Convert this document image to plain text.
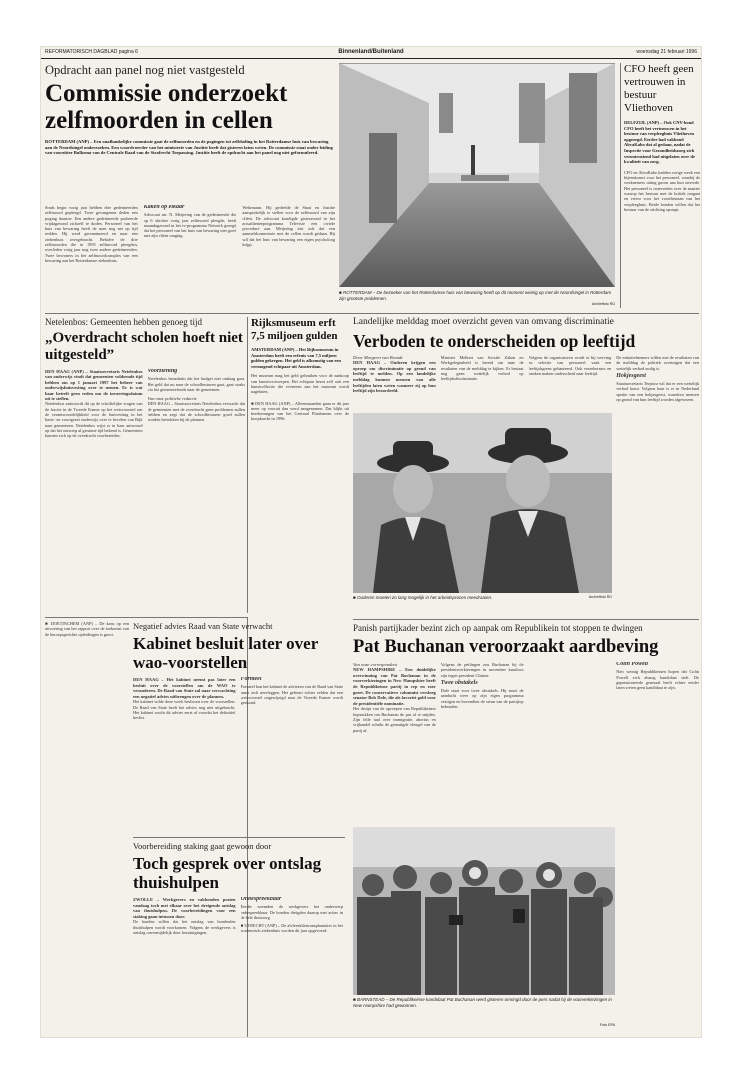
REFORMATORISCH DAGBLAD pagina 6	Binnenland/Buitenland	woensdag 21 februari 1996
Opdracht aan panel nog niet vastgesteld
Commissie onderzoekt zelfmoorden in cellen
ROTTERDAM (ANP) – Een onafhankelijke commissie gaat de zelfmoorden en de pogingen tot zelfdoding in het Rotterdamse huis van bewaring aan de Noordsingel onderzoeken. Een woordvoerder van het ministerie van Justitie heeft dat gisteren laten weten. De commissie staat onder leiding van voorzitter Bulkema van de Centrale Raad van de Strafrecht Toepassing. Justitie heeft de opdracht aan het panel nog niet geformuleerd.
Sinds begin vorig jaar hebben drie gedetineerden zelfmoord gepleegd. Twee gevangenen deden een poging daartoe. Een andere gedetineerde probeerde vrijdagavond zichzelf te doden. Personeel van het huis van bewaring heeft de man nog net op tijd redden. Hij werd gereanimeerd en naar een ziekenhuis overgebracht. Behalve de drie zelfmoorden die in 1995 zelfmoord pleegden, overleden vorig jaar nog twee andere gedetineerden. Twee bewoners in het zelfmoordcomplex van een bewaring aan het Rotterdamse ziekenhuis.
Kaken op elkaar
Advocaat mr. N. Meijering van de gedetineerde die op 6 oktober vorig jaar zelfmoord pleegde, heeft maandagavond in het tv-programma Netwerk gezegd dat het personeel van het huis van bewaring niet goed met zijn cliënt omging.
Wehrmann. Hij gedeelde de Staat en Justitie aansprakelijk te stellen voor de zelfmoord van zijn cliënt. De advocaat kondigde gisteravond in het actualiteitenprogramma Televisie een civiele procedure aan. Meijering eist ook dat een aanmeldcommissie met de cellen wordt gedaan. Hij wil dat het huis van bewaring een eigen psycholoog krijgt.
■ ROTTERDAM – De bezoeker van het Rotterdamse huis van bewaring heeft op dit moment weinig op met de Noordsingel in Rotterdam zijn grootste problemen.
Archieffoto RD
CFO heeft geen vertrouwen in bestuur Vliethoven
DELFZIJL (ANP) – Ook CNV-bond CFO heeft het vertrouwen in het bestuur van verpleeghuis Vliethoven opgezegd. Eerder had vakbond AbvaKabo dat al gedaan, nadat de Inspectie voor Gezondheidszorg zich verontrustend had uitgelaten over de kwaliteit van zorg.
CFO en AbvaKabo hadden vorige week een bijeenkomst voor het personeel, waarbij de werknemers uiting gaven aan hun onvrede. Het personeel is ontevreden over de manier waarop het bestuur met de kritiek omgaat en vreest voor het voortbestaan van het verpleeghuis. Beide bonden willen dat het bestuur van de stichting opstapt.
Netelenbos: Gemeenten hebben genoeg tijd
„Overdracht scholen hoeft niet uitgesteld”
DEN HAAG (ANP) – Staatssecretaris Netelenbos van onderwijs vindt dat gemeenten voldoende tijd hebben om op 1 januari 1997 het beheer van onderwijshuisvesting over te nemen. Er is wat haar betreft geen reden om de invoeringsdatum uit te stellen.
Netelenbos antwoordt dit op de schriftelijke vragen van de fractie in de Tweede Kamer op het wetsvoorstel om de verantwoordelijkheid voor de huisvesting in het basis- en voortgezet onderwijs over te hevelen van Rijk naar gemeenten. Netelenbos wijst er in haar antwoord op dat het ontwerp al geruime tijd bekend is. Gemeenten kunnen zich op de overdracht voorbereiden.
Voorziening
Netelenbos benadrukt dat het budget niet omlaag gaat. Het geld dat nu naar de schoolbesturen gaat, gaat straks via het gemeentefonds naar de gemeenten.
Van onze politieke redactie
DEN HAAG – Staatssecretaris Netelenbos verwacht dat de gemeenten met de overdracht geen problemen zullen hebben en zegt dat de schoolbesturen goed zullen worden betrokken bij de plannen.
Rijksmuseum erft 7,5 miljoen gulden
AMSTERDAM (ANP) – Het Rijksmuseum in Amsterdam heeft een erfenis van 7,5 miljoen gulden gekregen. Het geld is afkomstig van een vermogend echtpaar uit Amsterdam.
Het museum mag het geld gebruiken voor de aankoop van kunstvoorwerpen. Het echtpaar bezat zelf ook een kunstcollectie die eveneens aan het museum wordt nagelaten.
■ DEN HAAG (ANP) – Alleenstaanden gaan er dit jaar meer op vooruit dan werd aangenomen. Dat blijkt uit berekeningen van het Centraal Planbureau over de koopkracht in 1996.
Landelijke melddag moet overzicht geven van omvang discriminatie
Verboden te onderscheiden op leeftijd
Door Margreet van Brandt
DEN HAAG – Ouderen krijgen een oproep om discriminatie op grond van leeftijd te melden. Op een landelijke melddag kunnen mensen van alle leeftijden laten weten wanneer zij op hun leeftijd zijn beoordeeld.
Minister Melkert van Sociale Zaken en Werkgelegenheid is bereid om naar de resultaten van de melddag te kijken. Er bestaat nog geen wettelijk verbod op leeftijdsdiscriminatie.
Volgens de organisatoren wordt er bij werving en selectie van personeel vaak een leeftijdsgrens gehanteerd. Ook verzekeraars en banken maken onderscheid naar leeftijd.
De initiatiefnemers willen met de resultaten van de melddag de politiek overtuigen dat een wettelijk verbod nodig is.
Hokjesgeest
Staatssecretaris Terpstra wil dat er een wettelijk verbod komt. Volgens haar is er in Nederland sprake van een hokjesgeest, waardoor mensen op grond van hun leeftijd worden afgewezen.
■ Ouderen moeten zo lang mogelijk in het arbeidsproces meedraaien.	Archieffoto RD
Negatief advies Raad van State verwacht
Kabinet besluit later over wao-voorstellen
DEN HAAG – Het kabinet neemt pas later een besluit over de voorstellen om de WAO te veranderen. De Raad van State zal naar verwachting een negatief advies uitbrengen over de plannen.
Het kabinet wilde deze week beslissen over de voorstellen. De Raad van State heeft het advies nog niet uitgebracht. Het kabinet wacht dit advies eerst af voordat het definitief beslist.
Formeel
Formeel kan het kabinet de adviezen van de Raad van State naast zich neerleggen. Het gebeurt echter zelden dat een wetsvoorstel ongewijzigd naar de Tweede Kamer wordt gestuurd.
■ DOETINCHEM (ANP) – De kans op een uitvoering van het rapport over de toekomst van de beroepsgerichte opleidingen is groot.
Voorbereiding staking gaat gewoon door
Toch gesprek over ontslag thuishulpen
ZWOLLE – Werkgevers en vakbonden praten vandaag toch met elkaar over het dreigende ontslag van thuishulpen. De voorbereidingen voor een staking gaan intussen door.
De bonden willen dat het ontslag van honderden thuishulpen wordt voorkomen. Volgens de werkgevers is ontslag onvermijdelijk door bezuinigingen.
Onbespreekbaar
Eerder noemden de werkgevers het onderwerp onbespreekbaar. De bonden dreigden daarop met acties in de hele thuiszorg.
■ UTRECHT (ANP) – De alvleeskliertransplantaties in het academisch ziekenhuis worden dit jaar opgevoerd.
Panish partijkader bezint zich op aanpak om Republikein tot stoppen te dwingen
Pat Buchanan veroorzaakt aardbeving
Van onze correspondent
NEW HAMPSHIRE – Een duidelijke overwinning van Pat Buchanan in de voorverkiezingen in New Hampshire heeft de Republikeinse partij in rep en roer gezet. De conservatieve columnist versloeg senator Bob Dole, die als favoriet gold voor de presidentiële nominatie.
Het druipt van de oproepen van Republikeinse kopstukken om Buchanan de pas af te snijden. Zijn felle taal over immigratie, abortus en vrijhandel schrikt de gematigde vleugel van de partij af.
Volgens de peilingen zou Buchanan bij de presidentsverkiezingen in november kansloos zijn tegen president Clinton.
Twee obstakels
Dole staat voor twee obstakels. Hij moet de aandacht weer op zijn eigen programma vestigen en bovendien de steun van de partijtop behouden.
Colin Powell
Niet weinig Republikeinen hopen dat Colin Powell zich alsnog kandidaat stelt. De gepensioneerde generaal heeft echter eerder laten weten geen kandidaat te zijn.
■ BARNSTEAD – De Republikeinse kandidaat Pat Buchanan werd gisteren omringd door de pers nadat hij de voorverkiezingen in New Hampshire had gewonnen.
Foto EPA
